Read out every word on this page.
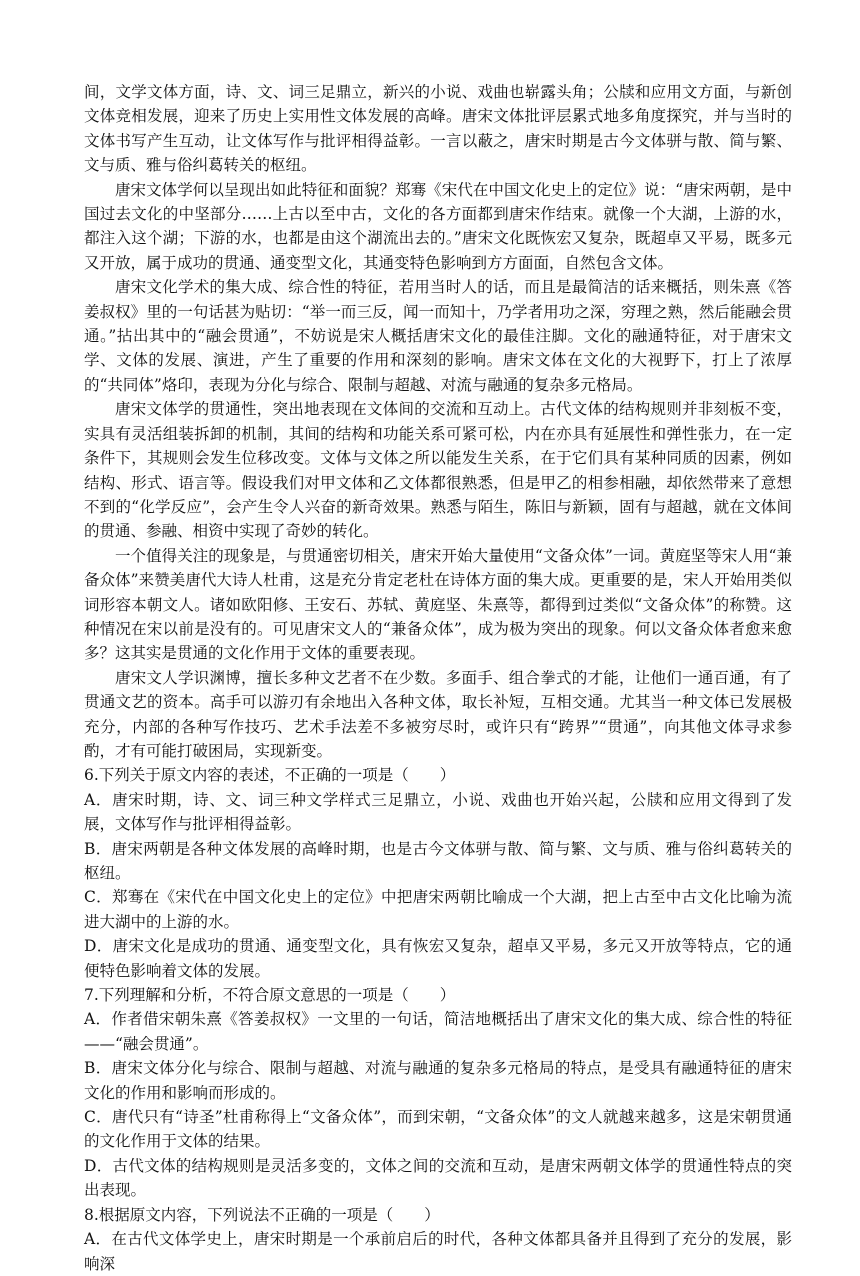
间，文学文体方面，诗、文、词三足鼎立，新兴的小说、戏曲也崭露头角；公牍和应用文方面，与新创文体竞相发展，迎来了历史上实用性文体发展的高峰。唐宋文体批评层累式地多角度探究，并与当时的文体书写产生互动，让文体写作与批评相得益彰。一言以蔽之，唐宋时期是古今文体骈与散、简与繁、文与质、雅与俗纠葛转关的枢纽。

唐宋文体学何以呈现出如此特征和面貌？郑骞《宋代在中国文化史上的定位》说：“唐宋两朝，是中国过去文化的中坚部分……上古以至中古，文化的各方面都到唐宋作结束。就像一个大湖，上游的水，都注入这个湖；下游的水，也都是由这个湖流出去的。”唐宋文化既恢宏又复杂，既超卓又平易，既多元又开放，属于成功的贯通、通变型文化，其通变特色影响到方方面面，自然包含文体。

唐宋文化学术的集大成、综合性的特征，若用当时人的话，而且是最简洁的话来概括，则朱熹《答姜叔权》里的一句话甚为贴切：“举一而三反，闻一而知十，乃学者用功之深，穷理之熟，然后能融会贯通。”拈出其中的“融会贯通”，不妨说是宋人概括唐宋文化的最佳注脚。文化的融通特征，对于唐宋文学、文体的发展、演进，产生了重要的作用和深刻的影响。唐宋文体在文化的大视野下，打上了浓厚的“共同体”烙印，表现为分化与综合、限制与超越、对流与融通的复杂多元格局。

唐宋文体学的贯通性，突出地表现在文体间的交流和互动上。古代文体的结构规则并非刻板不变，实具有灵活组装拆卸的机制，其间的结构和功能关系可紧可松，内在亦具有延展性和弹性张力，在一定条件下，其规则会发生位移改变。文体与文体之所以能发生关系，在于它们具有某种同质的因素，例如结构、形式、语言等。假设我们对甲文体和乙文体都很熟悉，但是甲乙的相参相融，却依然带来了意想不到的“化学反应”，会产生令人兴奋的新奇效果。熟悉与陌生，陈旧与新颖，固有与超越，就在文体间的贯通、参融、相资中实现了奇妙的转化。

一个值得关注的现象是，与贯通密切相关，唐宋开始大量使用“文备众体”一词。黄庭坚等宋人用“兼备众体”来赞美唐代大诗人杜甫，这是充分肯定老杜在诗体方面的集大成。更重要的是，宋人开始用类似词形容本朝文人。诸如欧阳修、王安石、苏轼、黄庭坚、朱熹等，都得到过类似“文备众体”的称赞。这种情况在宋以前是没有的。可见唐宋文人的“兼备众体”，成为极为突出的现象。何以文备众体者愈来愈多？这其实是贯通的文化作用于文体的重要表现。

唐宋文人学识渊博，擅长多种文艺者不在少数。多面手、组合拳式的才能，让他们一通百通，有了贯通文艺的资本。高手可以游刃有余地出入各种文体，取长补短，互相交通。尤其当一种文体已发展极充分，内部的各种写作技巧、艺术手法差不多被穷尽时，或许只有“跨界”“贯通”，向其他文体寻求参酌，才有可能打破困局，实现新变。

6.下列关于原文内容的表述，不正确的一项是（　　）

A．唐宋时期，诗、文、词三种文学样式三足鼎立，小说、戏曲也开始兴起，公牍和应用文得到了发展，文体写作与批评相得益彰。

B．唐宋两朝是各种文体发展的高峰时期，也是古今文体骈与散、简与繁、文与质、雅与俗纠葛转关的枢纽。

C．郑骞在《宋代在中国文化史上的定位》中把唐宋两朝比喻成一个大湖，把上古至中古文化比喻为流进大湖中的上游的水。

D．唐宋文化是成功的贯通、通变型文化，具有恢宏又复杂，超卓又平易，多元又开放等特点，它的通便特色影响着文体的发展。

7.下列理解和分析，不符合原文意思的一项是（　　）

A．作者借宋朝朱熹《答姜叔权》一文里的一句话，简洁地概括出了唐宋文化的集大成、综合性的特征——“融会贯通”。

B．唐宋文体分化与综合、限制与超越、对流与融通的复杂多元格局的特点，是受具有融通特征的唐宋文化的作用和影响而形成的。

C．唐代只有“诗圣”杜甫称得上“文备众体”，而到宋朝，“文备众体”的文人就越来越多，这是宋朝贯通的文化作用于文体的结果。

D．古代文体的结构规则是灵活多变的，文体之间的交流和互动，是唐宋两朝文体学的贯通性特点的突出表现。

8.根据原文内容，下列说法不正确的一项是（　　）

A．在古代文体学史上，唐宋时期是一个承前启后的时代，各种文体都具备并且得到了充分的发展，影响深
